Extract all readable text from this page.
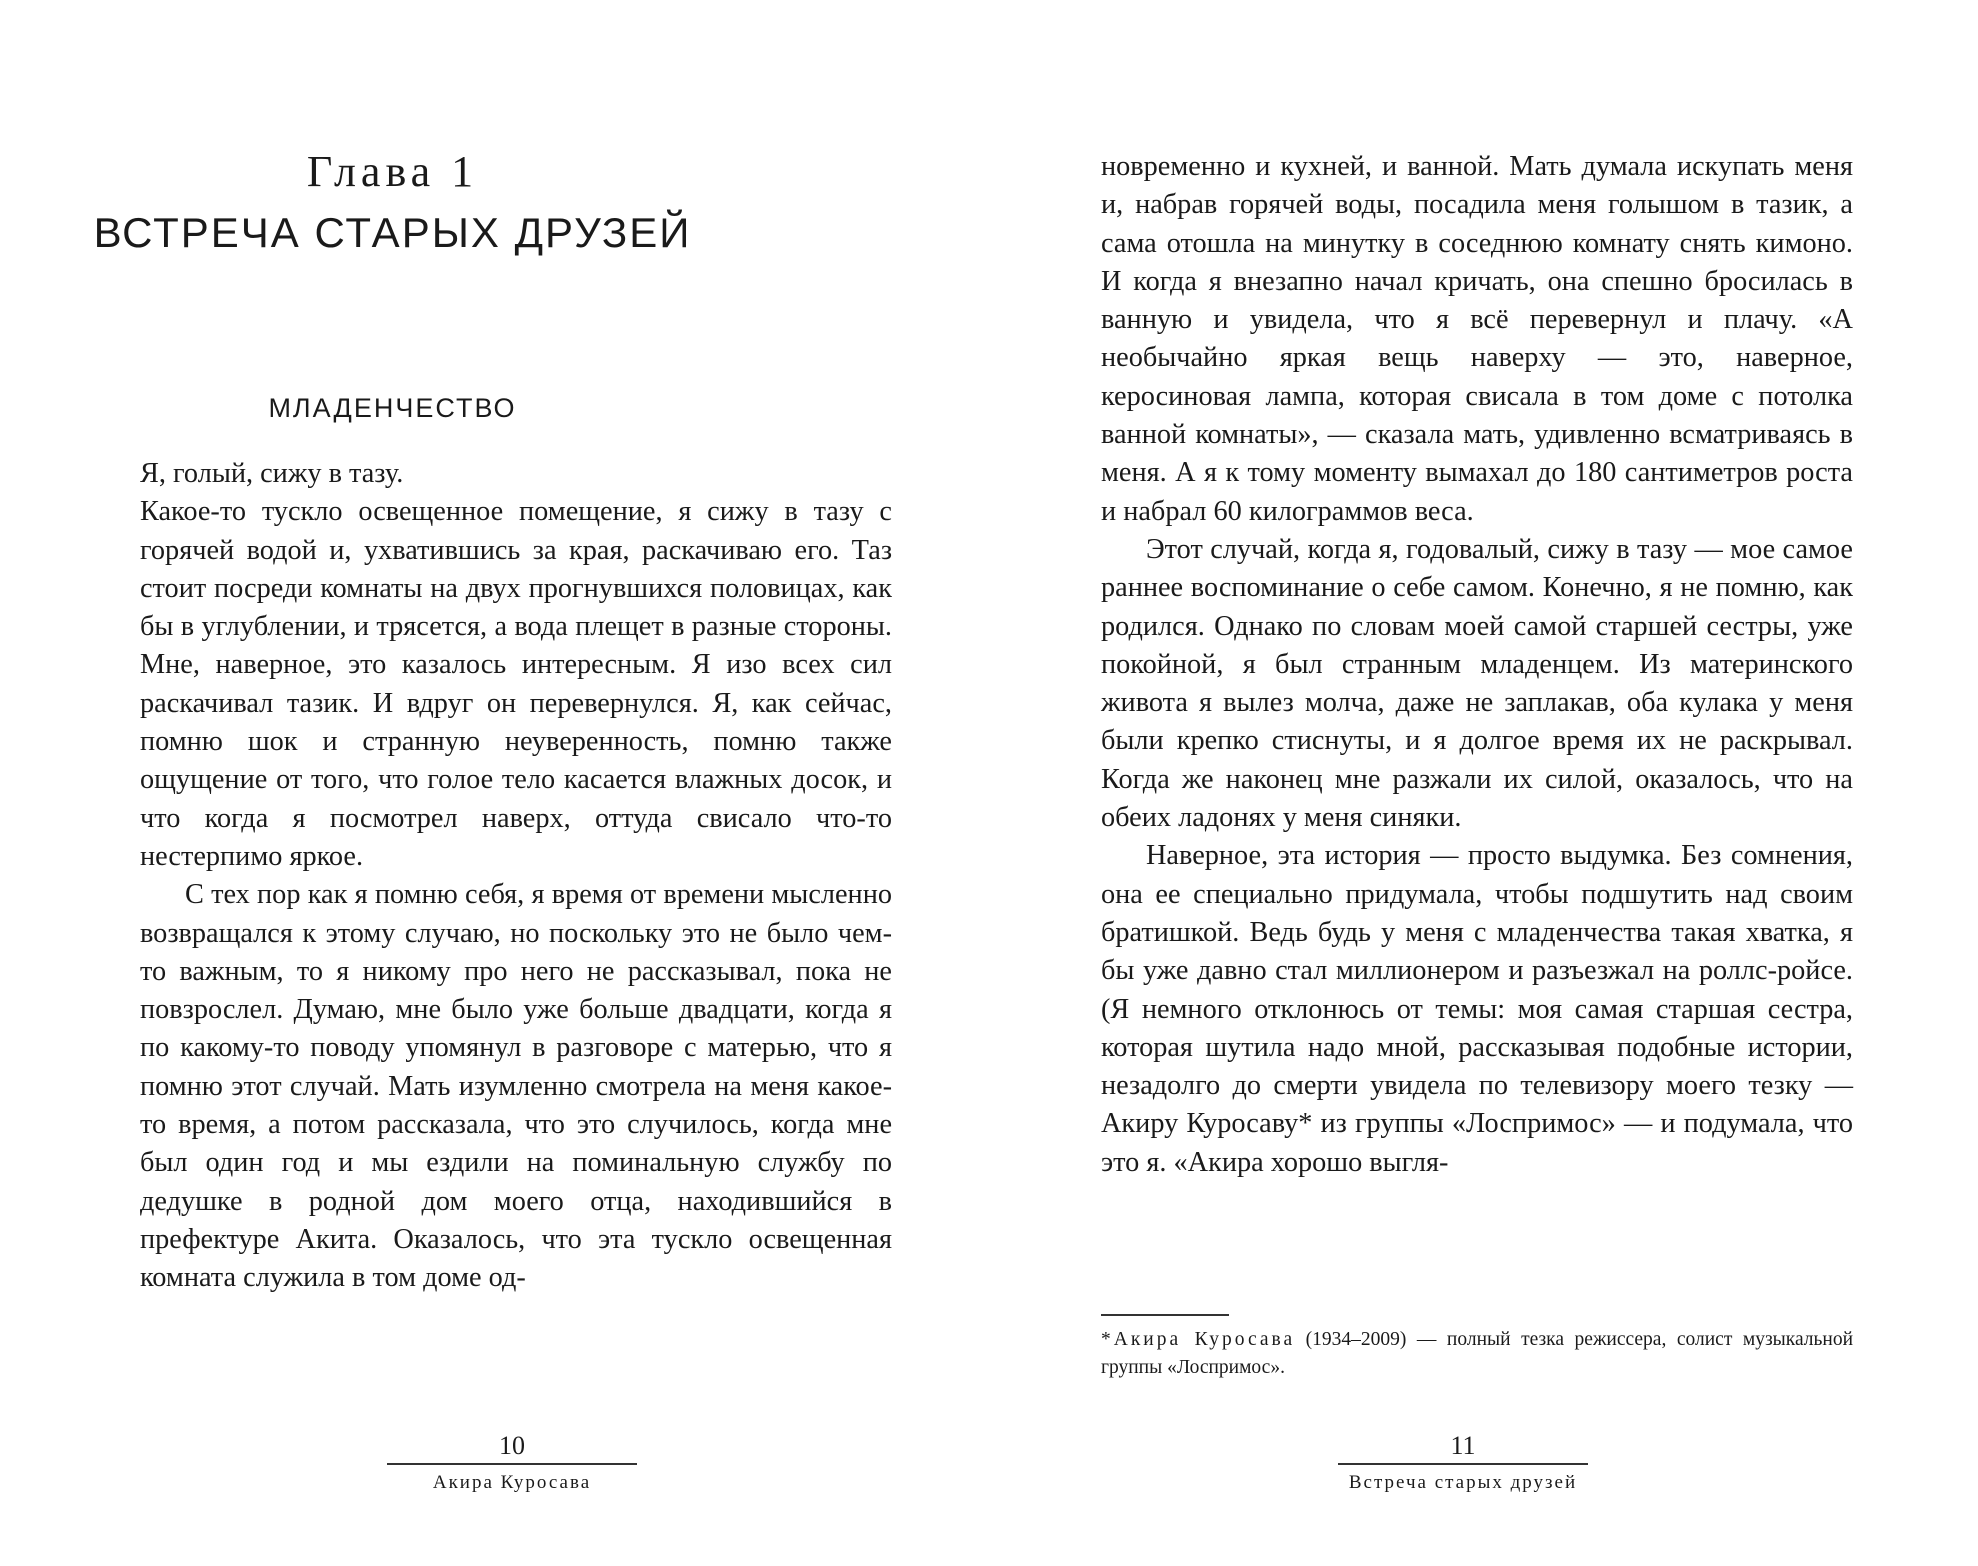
Глава 1
ВСТРЕЧА СТАРЫХ ДРУЗЕЙ
МЛАДЕНЧЕСТВО

Я, голый, сижу в тазу.

Какое-то тускло освещенное помещение, я сижу в тазу с горячей водой и, ухватившись за края, раскачиваю его. Таз стоит посреди комнаты на двух прогнувшихся половицах, как бы в углублении, и трясется, а вода плещет в разные стороны. Мне, наверное, это казалось интересным. Я изо всех сил раскачивал тазик. И вдруг он перевернулся. Я, как сейчас, помню шок и странную неуверенность, помню также ощущение от того, что голое тело касается влажных досок, и что когда я посмотрел наверх, оттуда свисало что-то нестерпимо яркое.

С тех пор как я помню себя, я время от времени мысленно возвращался к этому случаю, но поскольку это не было чем-то важным, то я никому про него не рассказывал, пока не повзрослел. Думаю, мне было уже больше двадцати, когда я по какому-то поводу упомянул в разговоре с матерью, что я помню этот случай. Мать изумленно смотрела на меня какое-то время, а потом рассказала, что это случилось, когда мне был один год и мы ездили на поминальную службу по дедушке в родной дом моего отца, находившийся в префектуре Акита. Оказалось, что эта тускло освещенная комната служила в том доме од-

10
Акира Куросава

новременно и кухней, и ванной. Мать думала искупать меня и, набрав горячей воды, посадила меня голышом в тазик, а сама отошла на минутку в соседнюю комнату снять кимоно. И когда я внезапно начал кричать, она спешно бросилась в ванную и увидела, что я всё перевернул и плачу. «А необычайно яркая вещь наверху — это, наверное, керосиновая лампа, которая свисала в том доме с потолка ванной комнаты», — сказала мать, удивленно всматриваясь в меня. А я к тому моменту вымахал до 180 сантиметров роста и набрал 60 килограммов веса.

Этот случай, когда я, годовалый, сижу в тазу — мое самое раннее воспоминание о себе самом. Конечно, я не помню, как родился. Однако по словам моей самой старшей сестры, уже покойной, я был странным младенцем. Из материнского живота я вылез молча, даже не заплакав, оба кулака у меня были крепко стиснуты, и я долгое время их не раскрывал. Когда же наконец мне разжали их силой, оказалось, что на обеих ладонях у меня синяки.

Наверное, эта история — просто выдумка. Без сомнения, она ее специально придумала, чтобы подшутить над своим братишкой. Ведь будь у меня с младенчества такая хватка, я бы уже давно стал миллионером и разъезжал на роллс-ройсе. (Я немного отклонюсь от темы: моя самая старшая сестра, которая шутила надо мной, рассказывая подобные истории, незадолго до смерти увидела по телевизору моего тезку — Акиру Куросаву* из группы «Лоспримос» — и подумала, что это я. «Акира хорошо выгля-

*Акира Куросава (1934–2009) — полный тезка режиссера, солист музыкальной группы «Лоспримос».
11
Встреча старых друзей
